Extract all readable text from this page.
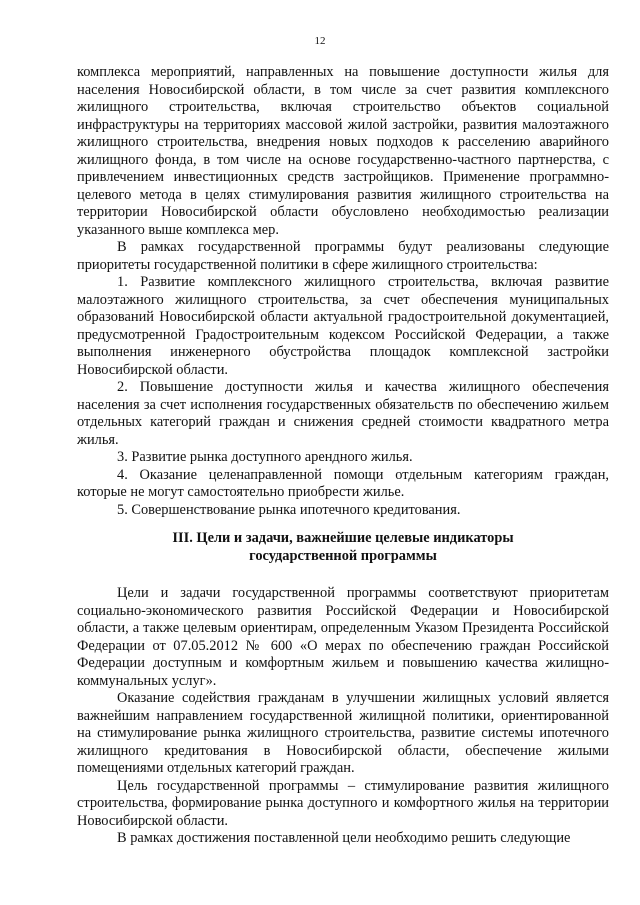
12

комплекса мероприятий, направленных на повышение доступности жилья для населения Новосибирской области, в том числе за счет развития комплексного жилищного строительства, включая строительство объектов социальной инфраструктуры на территориях массовой жилой застройки, развития малоэтажного жилищного строительства, внедрения новых подходов к расселению аварийного жилищного фонда, в том числе на основе государственно-частного партнерства, с привлечением инвестиционных средств застройщиков. Применение программно-целевого метода в целях стимулирования развития жилищного строительства на территории Новосибирской области обусловлено необходимостью реализации указанного выше комплекса мер.

В рамках государственной программы будут реализованы следующие приоритеты государственной политики в сфере жилищного строительства:

1. Развитие комплексного жилищного строительства, включая развитие малоэтажного жилищного строительства, за счет обеспечения муниципальных образований Новосибирской области актуальной градостроительной документацией, предусмотренной Градостроительным кодексом Российской Федерации, а также выполнения инженерного обустройства площадок комплексной застройки Новосибирской области.

2. Повышение доступности жилья и качества жилищного обеспечения населения за счет исполнения государственных обязательств по обеспечению жильем отдельных категорий граждан и снижения средней стоимости квадратного метра жилья.

3. Развитие рынка доступного арендного жилья.

4. Оказание целенаправленной помощи отдельным категориям граждан, которые не могут самостоятельно приобрести жилье.

5. Совершенствование рынка ипотечного кредитования.

III. Цели и задачи, важнейшие целевые индикаторы
государственной программы

Цели и задачи государственной программы соответствуют приоритетам социально-экономического развития Российской Федерации и Новосибирской области, а также целевым ориентирам, определенным Указом Президента Российской Федерации от 07.05.2012 № 600 «О мерах по обеспечению граждан Российской Федерации доступным и комфортным жильем и повышению качества жилищно-коммунальных услуг».

Оказание содействия гражданам в улучшении жилищных условий является важнейшим направлением государственной жилищной политики, ориентированной на стимулирование рынка жилищного строительства, развитие системы ипотечного жилищного кредитования в Новосибирской области, обеспечение жилыми помещениями отдельных категорий граждан.

Цель государственной программы – стимулирование развития жилищного строительства, формирование рынка доступного и комфортного жилья на территории Новосибирской области.

В рамках достижения поставленной цели необходимо решить следующие
